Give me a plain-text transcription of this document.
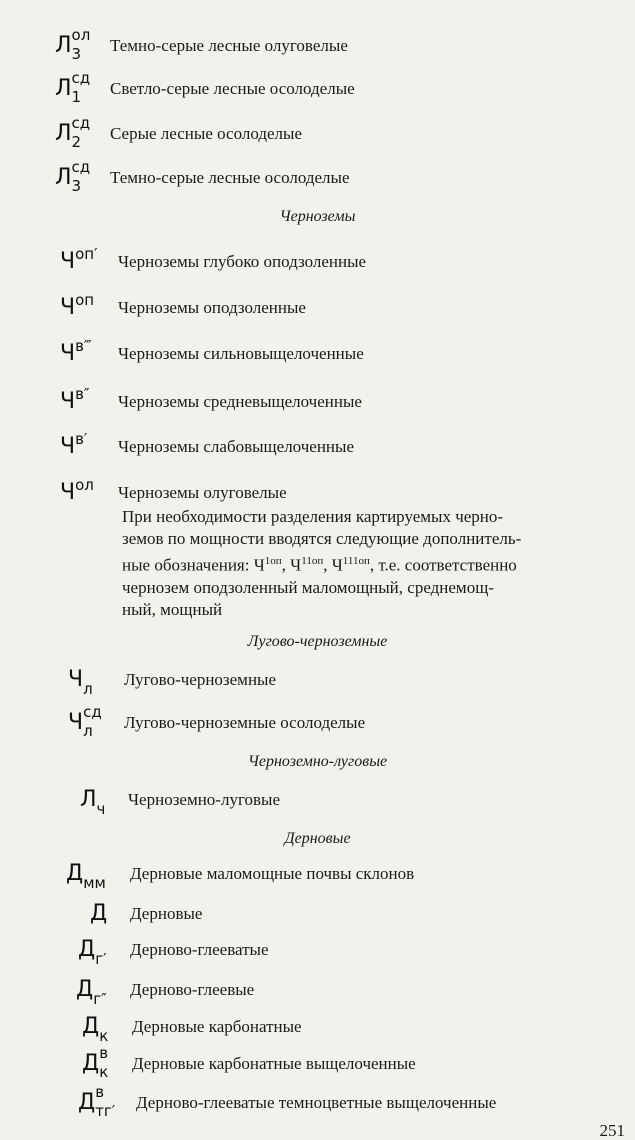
Л ол
3 Темно-серые лесные олуговелые
Л сд
1 Светло-серые лесные осолоделые
Л сд
2 Серые лесные осолоделые
Л сд
3 Темно-серые лесные осолоделые
Черноземы
$Ч^{оп'}$ Черноземы глубоко оподзоленные
$Ч^{оп}$ Черноземы оподзоленные
$Ч^{в‴}$ Черноземы сильновыщелоченные
$Ч^{в''}$ Черноземы средневыщелоченные
$Ч^{в'}$ Черноземы слабовыщелоченные
$Ч^{ол}$ Черноземы олуговелые
При необходимости разделения картируемых черно-
земов по мощности вводятся следующие дополнитель-
ные обозначения: $Ч^{1оп}$, $Ч^{11оп}$, $Ч^{111оп}$, т.е. соответственно
чернозем оподзоленный маломощный, среднемощ-
ный, мощный
Лугово-черноземные
$Ч_л$ Лугово-черноземные
Ч сд
л Лугово-черноземные осолоделые
Черноземно-луговые
$Л_ч$ Черноземно-луговые
Дерновые
$Д_{мм}$ Дерновые маломощные почвы склонов
Д Дерновые
$Д_{г'}$ Дерново-глееватые
$Д_{г''}$ Дерново-глеевые
$Д_к$ Дерновые карбонатные
Д в
к Дерновые карбонатные выщелоченные
Д в
тг′ Дерново-глееватые темноцветные выщелоченные
251
